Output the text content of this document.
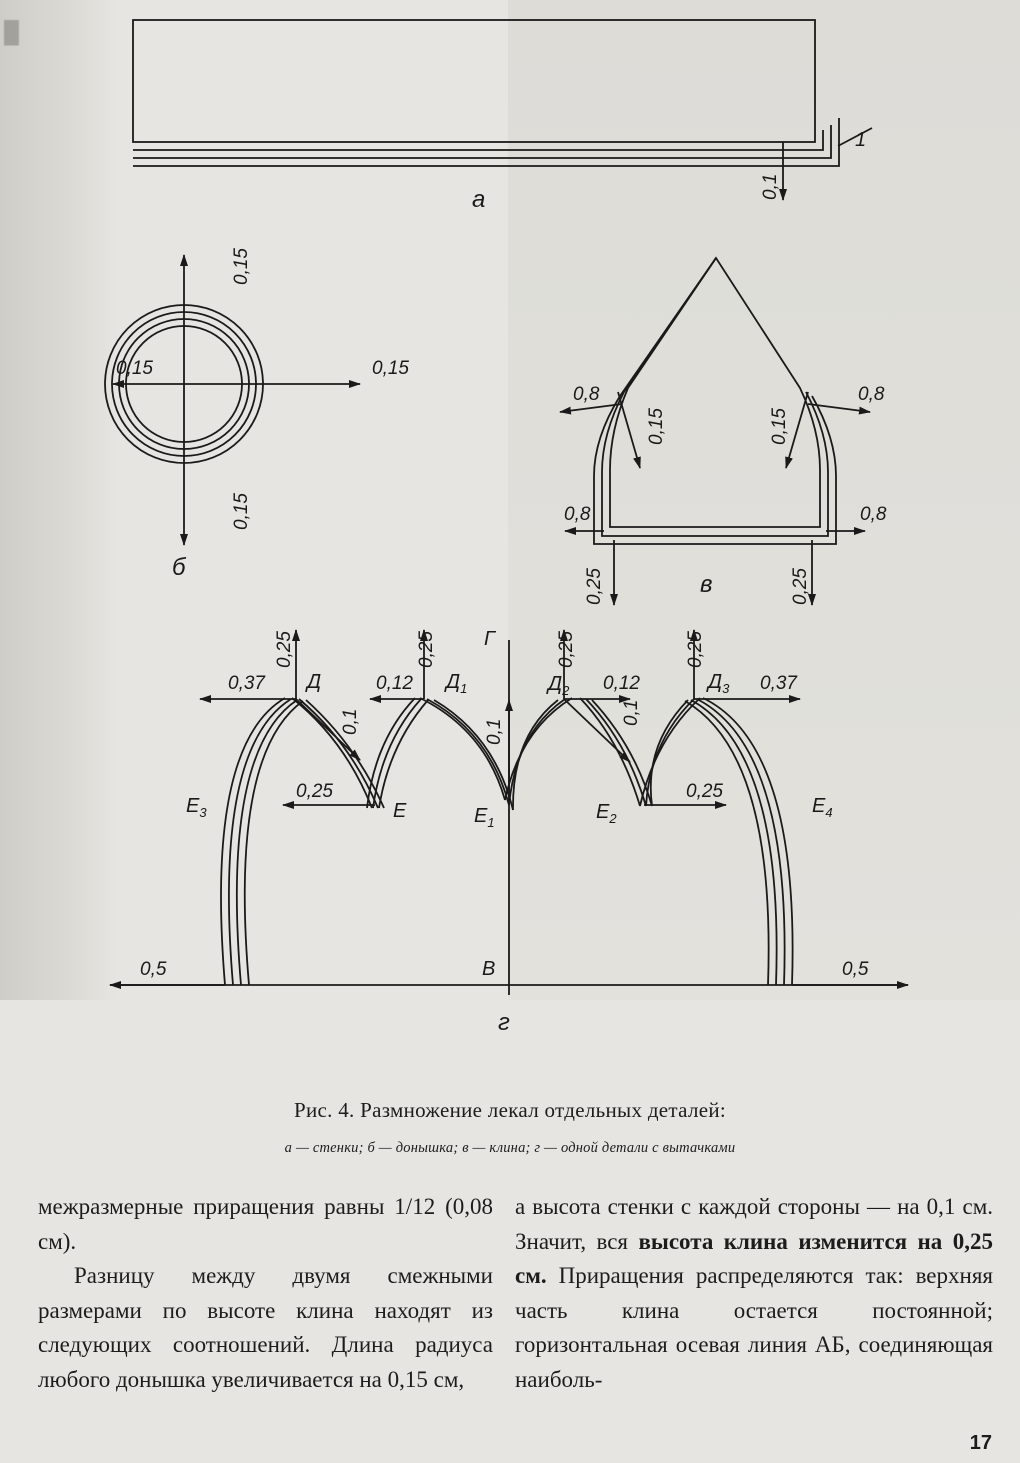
█

а
1
0,1
б
0,15
0,15
0,15	0,15
в
0,8	0,8
0,15	0,15
0,8	0,8
0,25	0,25
Г
В
г
Д	$Д_1$	$Д_2$	$Д_3$
Е	$Е_1$	$Е_2$
$Е_3$	$Е_4$
0,37	0,12	0,12	0,37
0,25	0,25	0,25	0,25
0,1	0,1
0,1
0,25	0,25
0,5	0,5
Рис. 4. Размножение лекал отдельных деталей:
а — стенки; б — донышка; в — клина; г — одной детали с вытачками

межразмерные приращения равны 1/12 (0,08 см).

Разницу между двумя смежными размерами по высоте клина находят из следующих соотношений. Длина радиуса любого донышка увеличивается на 0,15 см,

а высота стенки с каждой стороны — на 0,1 см. Значит, вся высота клина изменится на 0,25 см. Приращения распределяются так: верхняя часть клина остается постоянной; горизонтальная осевая линия АБ, соединяющая наиболь-

17
